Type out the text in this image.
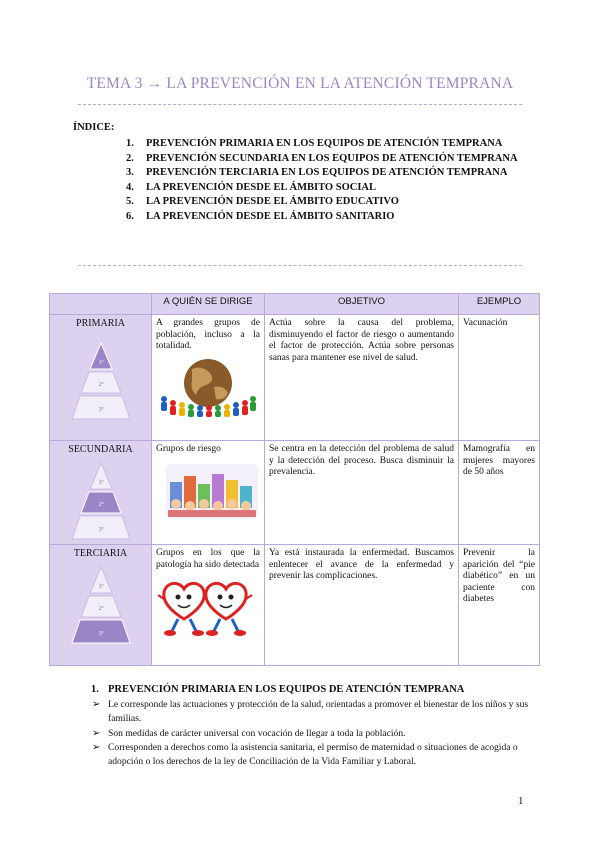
TEMA 3 → LA PREVENCIÓN EN LA ATENCIÓN TEMPRANA
ÍNDICE:
1. PREVENCIÓN PRIMARIA EN LOS EQUIPOS DE ATENCIÓN TEMPRANA
2. PREVENCIÓN SECUNDARIA EN LOS EQUIPOS DE ATENCIÓN TEMPRANA
3. PREVENCIÓN TERCIARIA EN LOS EQUIPOS DE ATENCIÓN TEMPRANA
4. LA PREVENCIÓN DESDE EL ÁMBITO SOCIAL
5. LA PREVENCIÓN DESDE EL ÁMBITO EDUCATIVO
6. LA PREVENCIÓN DESDE EL ÁMBITO SANITARIO
	A QUIÉN SE DIRIGE	OBJETIVO	EJEMPLO

PRIMARIA
1º
2º
3º	A grandes grupos de población, incluso a la totalidad.	Actúa sobre la causa del problema, disminuyendo el factor de riesgo o aumentando el factor de protección. Actúa sobre personas sanas para mantener ese nivel de salud.	Vacunación

SECUNDARIA
1º
2º
3º	Grupos de riesgo	Se centra en la detección del problema de salud y la detección del proceso. Busca disminuir la prevalencia.	Mamografía en mujeres mayores de 50 años

TERCIARIA
1º
2º
3º	Grupos en los que la patología ha sido detectada	Ya está instaurada la enfermedad. Buscamos enlentecer el avance de la enfermedad y prevenir las complicaciones.	Prevenir la aparición del “pie diabético” en un paciente con diabetes
1. PREVENCIÓN PRIMARIA EN LOS EQUIPOS DE ATENCIÓN TEMPRANA
➢ Le corresponde las actuaciones y protección de la salud, orientadas a promover el bienestar de los niños y sus familias.
➢ Son medidas de carácter universal con vocación de llegar a toda la población.
➢ Corresponden a derechos como la asistencia sanitaria, el permiso de maternidad o situaciones de acogida o adopción o los derechos de la ley de Conciliación de la Vida Familiar y Laboral.
1
